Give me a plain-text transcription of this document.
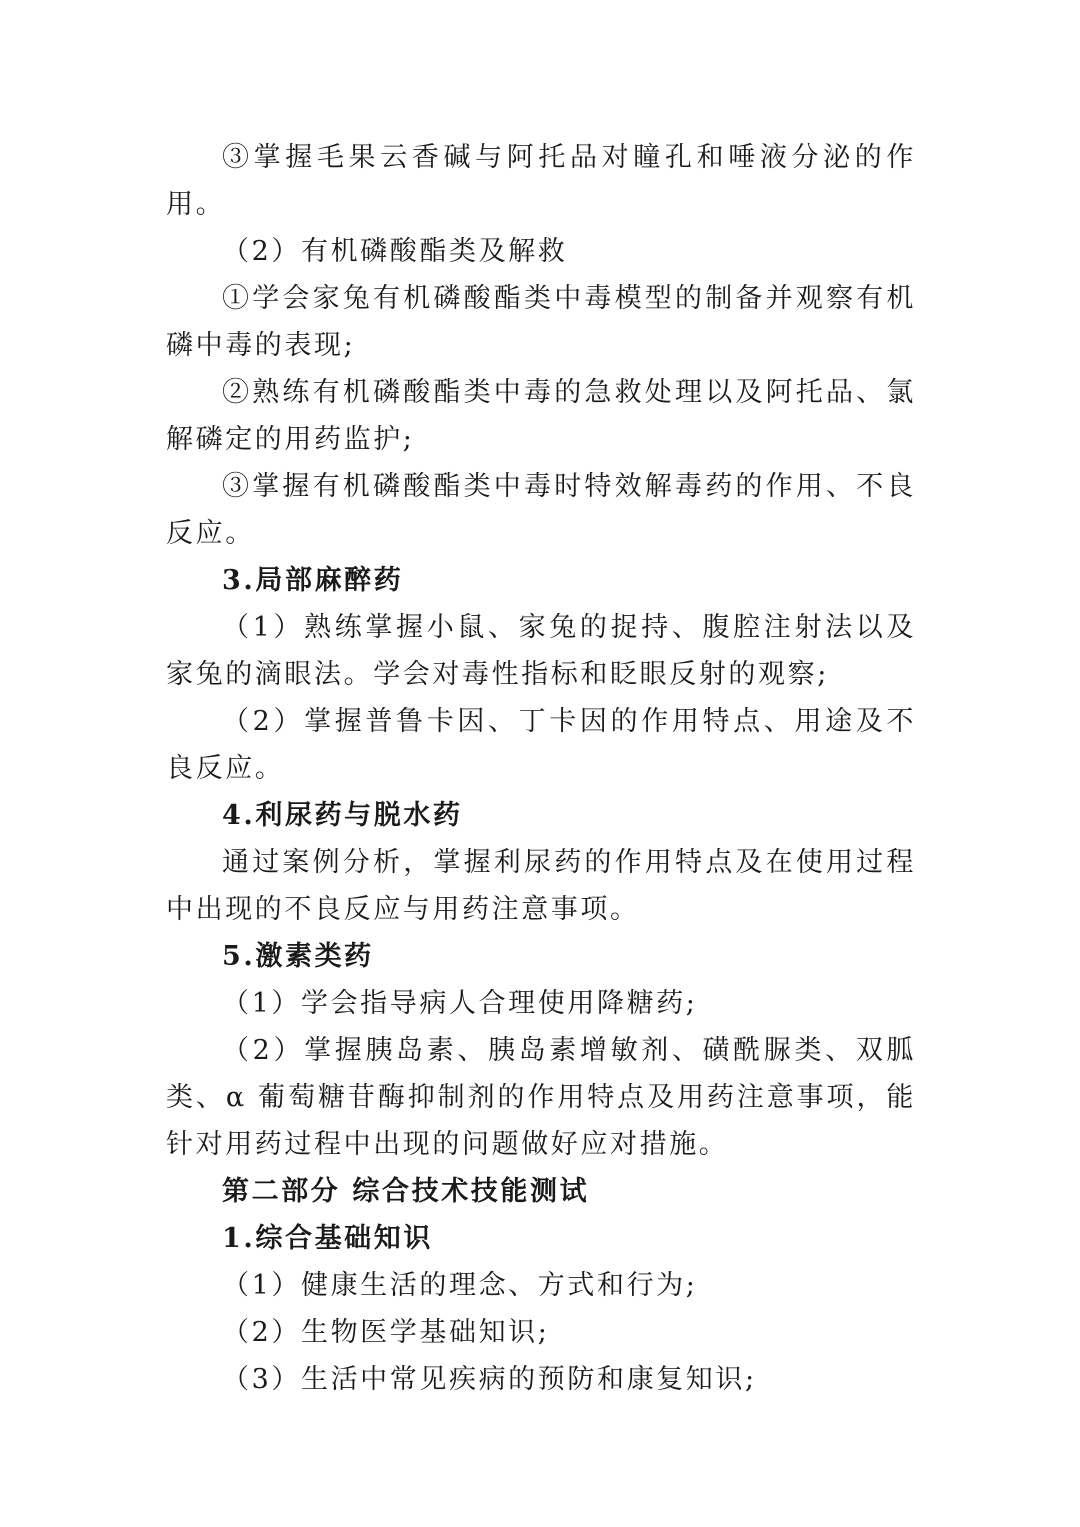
③掌握毛果云香碱与阿托品对瞳孔和唾液分泌的作用。

（2）有机磷酸酯类及解救

①学会家兔有机磷酸酯类中毒模型的制备并观察有机磷中毒的表现;

②熟练有机磷酸酯类中毒的急救处理以及阿托品、氯解磷定的用药监护;

③掌握有机磷酸酯类中毒时特效解毒药的作用、不良反应。

3.局部麻醉药

（1）熟练掌握小鼠、家兔的捉持、腹腔注射法以及家兔的滴眼法。学会对毒性指标和眨眼反射的观察;

（2）掌握普鲁卡因、丁卡因的作用特点、用途及不良反应。

4.利尿药与脱水药

通过案例分析，掌握利尿药的作用特点及在使用过程中出现的不良反应与用药注意事项。

5.激素类药

（1）学会指导病人合理使用降糖药;

（2）掌握胰岛素、胰岛素增敏剂、磺酰脲类、双胍类、α 葡萄糖苷酶抑制剂的作用特点及用药注意事项，能针对用药过程中出现的问题做好应对措施。

第二部分 综合技术技能测试

1.综合基础知识

（1）健康生活的理念、方式和行为;

（2）生物医学基础知识;

（3）生活中常见疾病的预防和康复知识;
